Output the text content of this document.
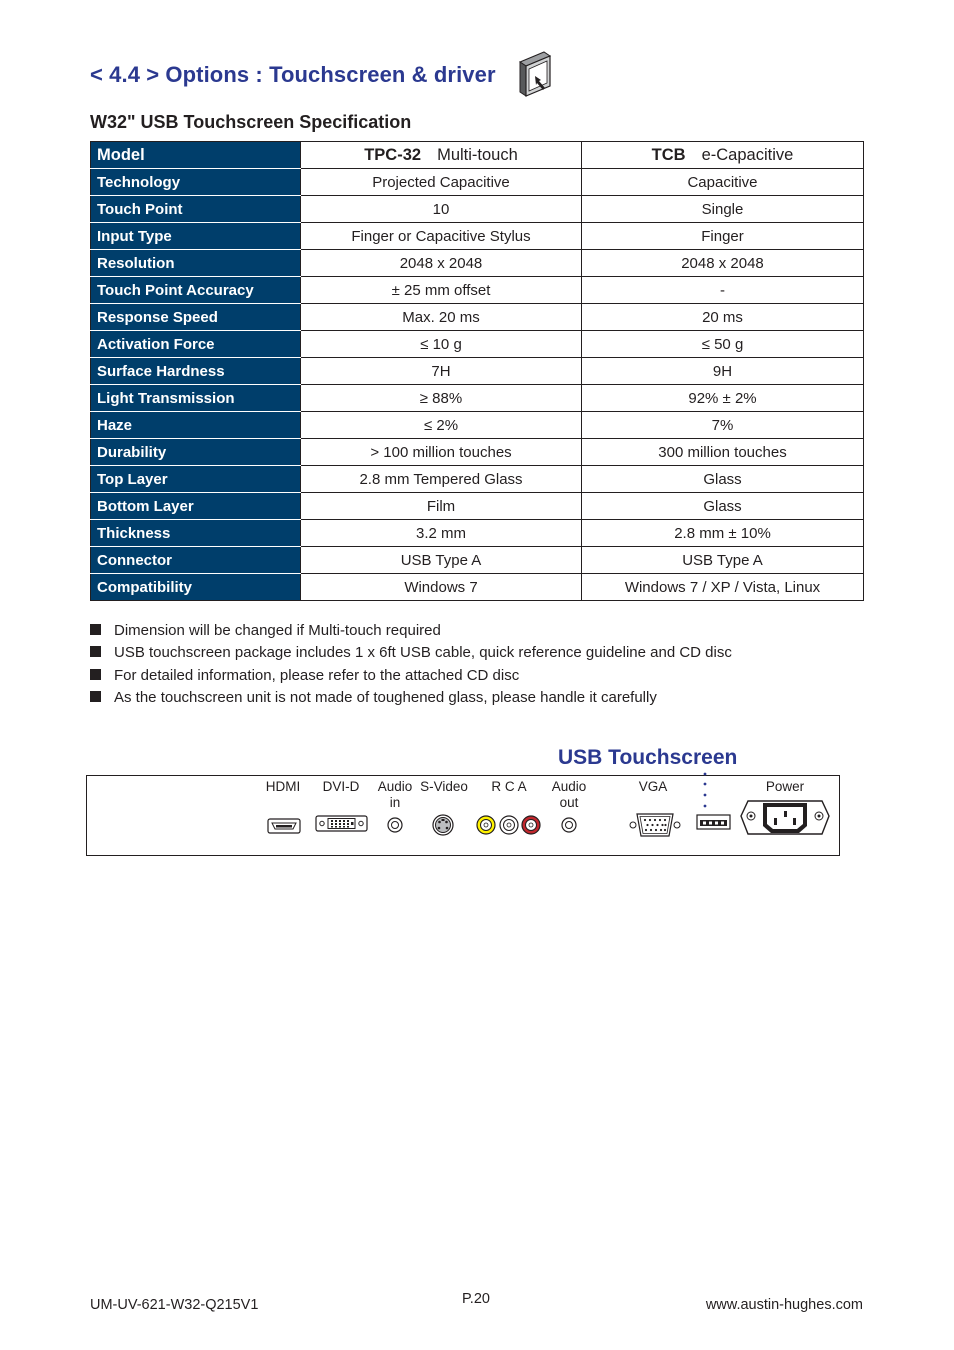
< 4.4 > Options : Touchscreen & driver
W32" USB Touchscreen Specification
Model	TPC-32 Multi-touch	TCB e-Capacitive
Technology	Projected Capacitive	Capacitive
Touch Point	10	Single
Input Type	Finger or Capacitive Stylus	Finger
Resolution	2048 x 2048	2048 x 2048
Touch Point Accuracy	± 25 mm offset	-
Response Speed	Max. 20 ms	20 ms
Activation Force	≤ 10 g	≤ 50 g
Surface Hardness	7H	9H
Light Transmission	≥ 88%	92% ± 2%
Haze	≤ 2%	7%
Durability	> 100 million touches	300 million touches
Top Layer	2.8 mm Tempered Glass	Glass
Bottom Layer	Film	Glass
Thickness	3.2 mm	2.8 mm ± 10%
Connector	USB Type A	USB Type A
Compatibility	Windows 7	Windows 7 / XP / Vista, Linux
Dimension will be changed if Multi-touch required
USB touchscreen package includes 1 x 6ft USB cable, quick reference guideline and CD disc
For detailed information, please refer to the attached CD disc
As the touchscreen unit is not made of toughened glass, please handle it carefully
USB Touchscreen
HDMI	DVI-D	Audio
in
S-Video	R C A	Audio
out
VGA	Power
UM-UV-621-W32-Q215V1	P.20	www.austin-hughes.com
